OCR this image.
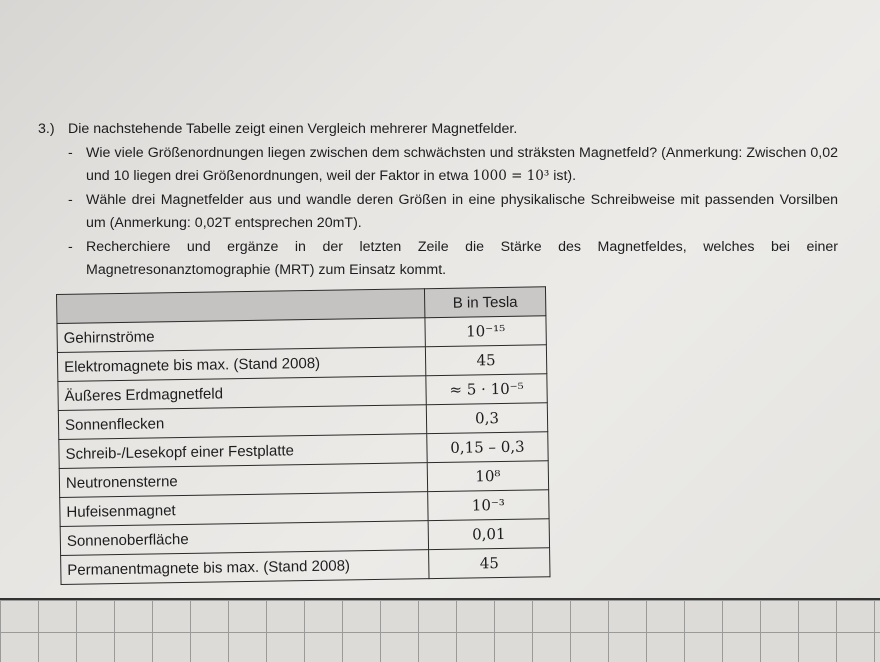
3.) Die nachstehende Tabelle zeigt einen Vergleich mehrerer Magnetfelder.
- Wie viele Größenordnungen liegen zwischen dem schwächsten und sträksten Magnetfeld? (Anmerkung: Zwischen 0,02 und 10 liegen drei Größenordnungen, weil der Faktor in etwa 1000 = 10³ ist).
- Wähle drei Magnetfelder aus und wandle deren Größen in eine physikalische Schreibweise mit passenden Vorsilben um (Anmerkung: 0,02T entsprechen 20mT).
- Recherchiere und ergänze in der letzten Zeile die Stärke des Magnetfeldes, welches bei einer Magnetresonanztomographie (MRT) zum Einsatz kommt.
	B in Tesla
Gehirnströme	10⁻¹⁵
Elektromagnete bis max. (Stand 2008)	45
Äußeres Erdmagnetfeld	≈ 5 · 10⁻⁵
Sonnenflecken	0,3
Schreib-/Lesekopf einer Festplatte	0,15 – 0,3
Neutronensterne	10⁸
Hufeisenmagnet	10⁻³
Sonnenoberfläche	0,01
Permanentmagnete bis max. (Stand 2008)	45
